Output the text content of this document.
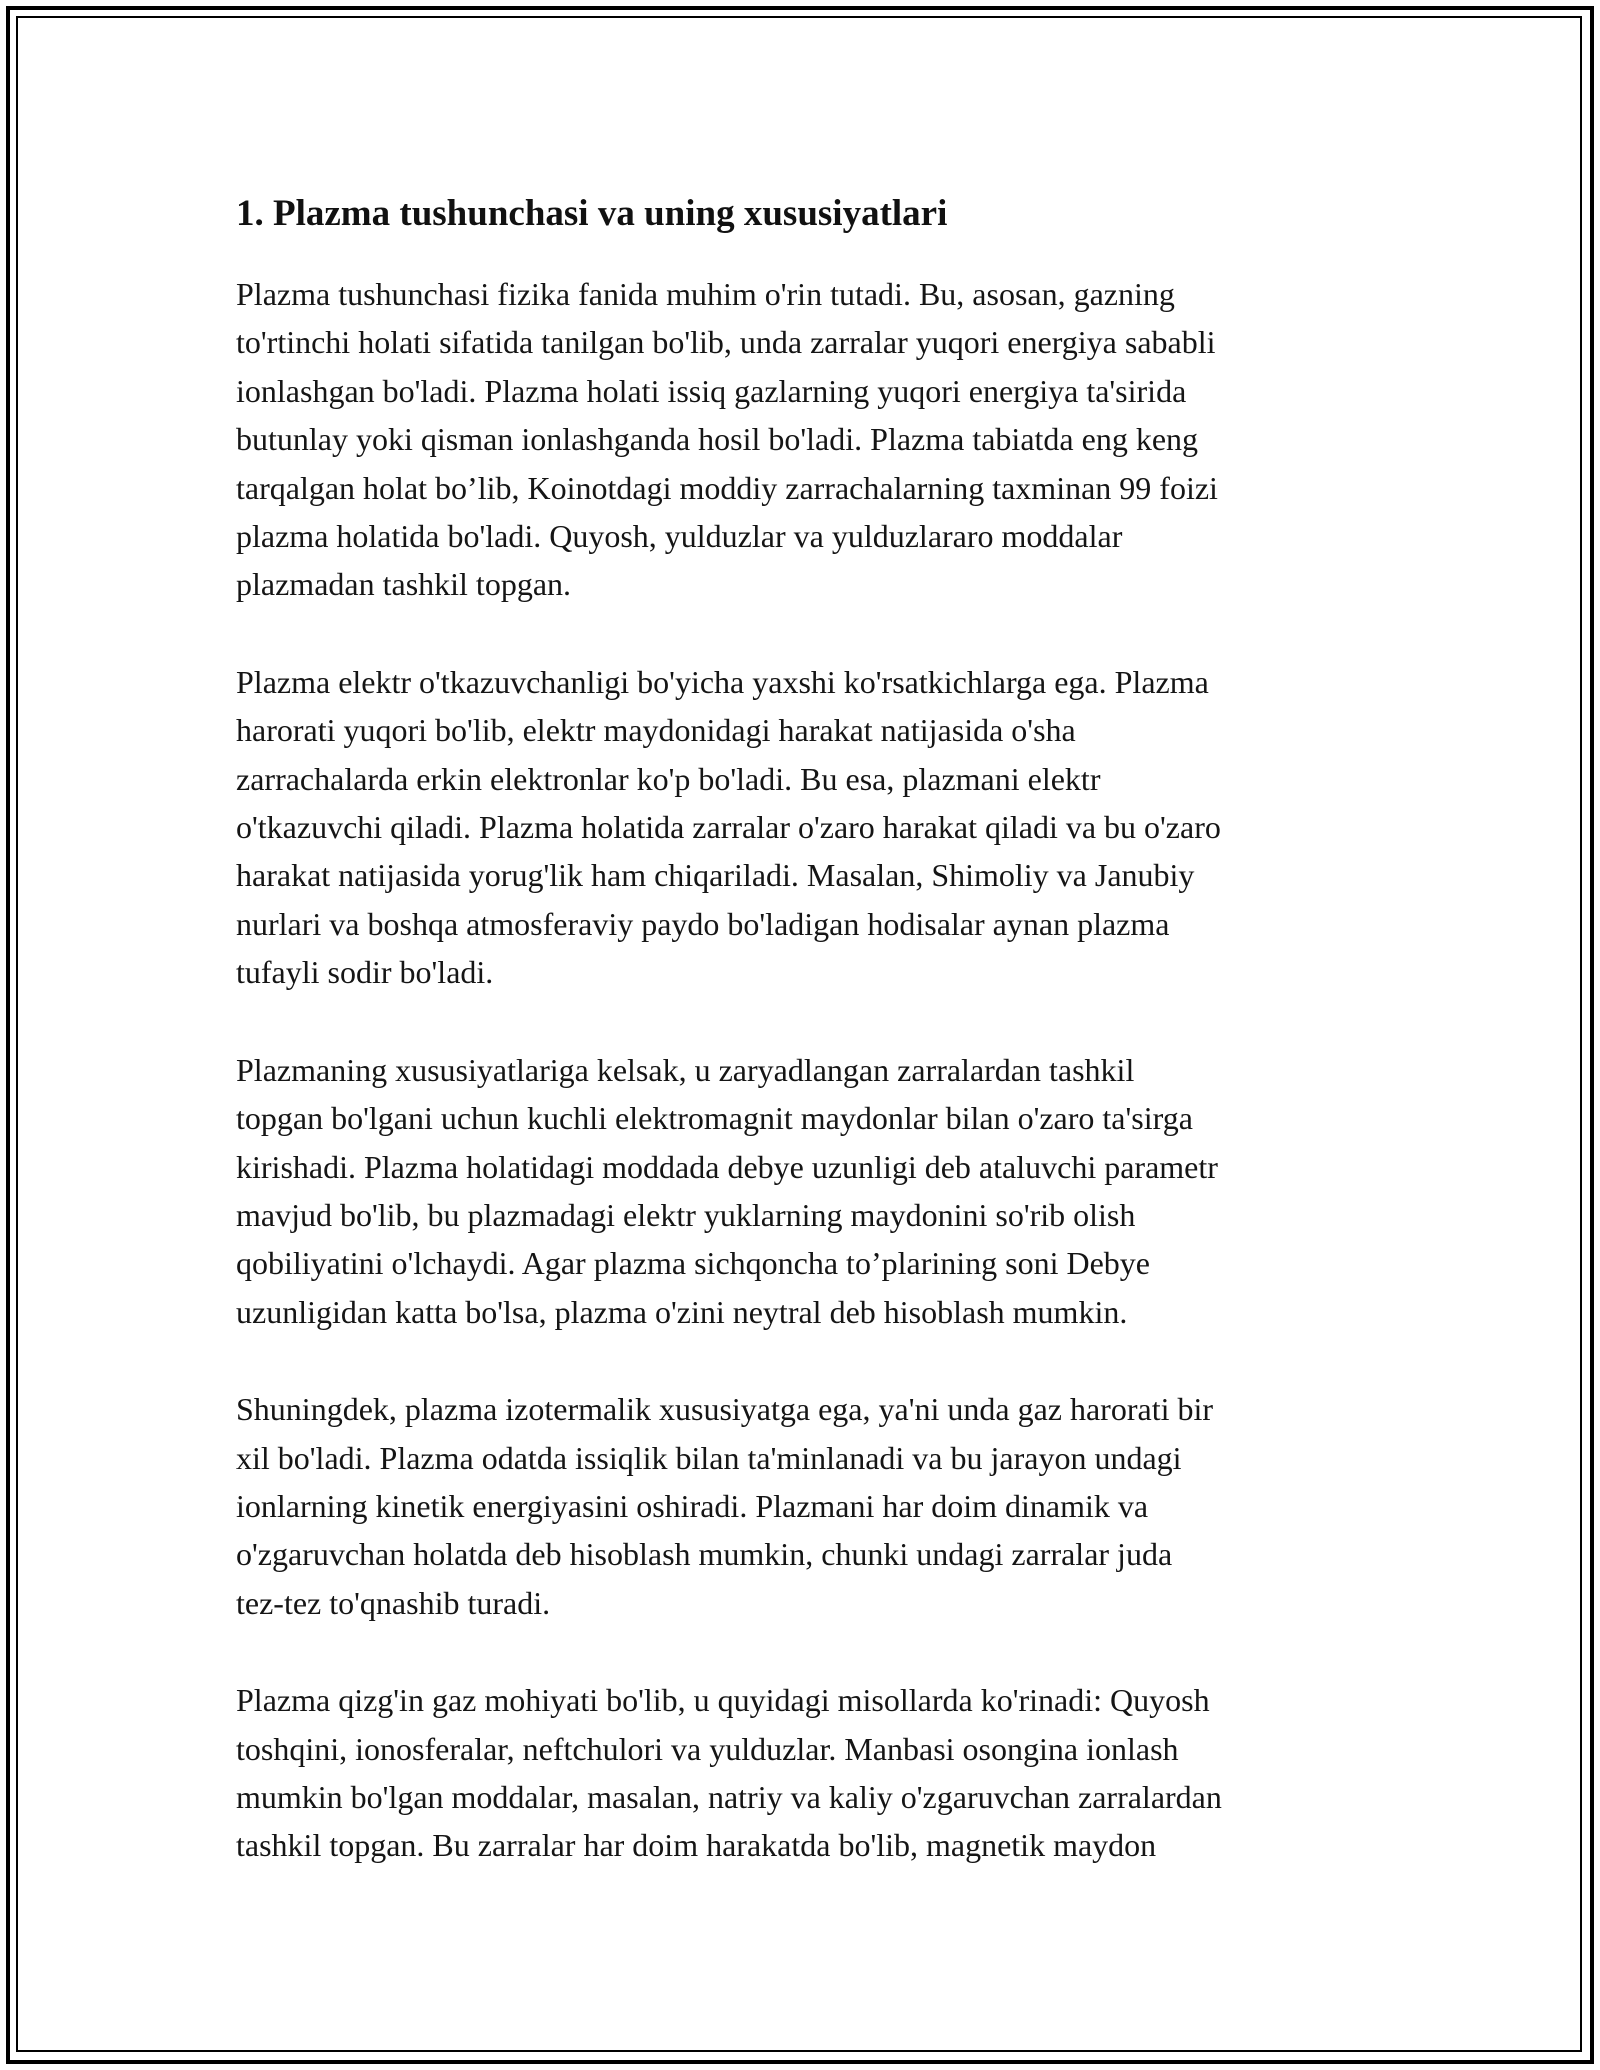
1. Plazma tushunchasi va uning xususiyatlari

Plazma tushunchasi fizika fanida muhim o'rin tutadi. Bu, asosan, gazning
to'rtinchi holati sifatida tanilgan bo'lib, unda zarralar yuqori energiya sababli
ionlashgan bo'ladi. Plazma holati issiq gazlarning yuqori energiya ta'sirida
butunlay yoki qisman ionlashganda hosil bo'ladi. Plazma tabiatda eng keng
tarqalgan holat bo’lib, Koinotdagi moddiy zarrachalarning taxminan 99 foizi
plazma holatida bo'ladi. Quyosh, yulduzlar va yulduzlararo moddalar
plazmadan tashkil topgan.

Plazma elektr o'tkazuvchanligi bo'yicha yaxshi ko'rsatkichlarga ega. Plazma
harorati yuqori bo'lib, elektr maydonidagi harakat natijasida o'sha
zarrachalarda erkin elektronlar ko'p bo'ladi. Bu esa, plazmani elektr
o'tkazuvchi qiladi. Plazma holatida zarralar o'zaro harakat qiladi va bu o'zaro
harakat natijasida yorug'lik ham chiqariladi. Masalan, Shimoliy va Janubiy
nurlari va boshqa atmosferaviy paydo bo'ladigan hodisalar aynan plazma
tufayli sodir bo'ladi.

Plazmaning xususiyatlariga kelsak, u zaryadlangan zarralardan tashkil
topgan bo'lgani uchun kuchli elektromagnit maydonlar bilan o'zaro ta'sirga
kirishadi. Plazma holatidagi moddada debye uzunligi deb ataluvchi parametr
mavjud bo'lib, bu plazmadagi elektr yuklarning maydonini so'rib olish
qobiliyatini o'lchaydi. Agar plazma sichqoncha to’plarining soni Debye
uzunligidan katta bo'lsa, plazma o'zini neytral deb hisoblash mumkin.

Shuningdek, plazma izotermalik xususiyatga ega, ya'ni unda gaz harorati bir
xil bo'ladi. Plazma odatda issiqlik bilan ta'minlanadi va bu jarayon undagi
ionlarning kinetik energiyasini oshiradi. Plazmani har doim dinamik va
o'zgaruvchan holatda deb hisoblash mumkin, chunki undagi zarralar juda
tez-tez to'qnashib turadi.

Plazma qizg'in gaz mohiyati bo'lib, u quyidagi misollarda ko'rinadi: Quyosh
toshqini, ionosferalar, neftchulori va yulduzlar. Manbasi osongina ionlash
mumkin bo'lgan moddalar, masalan, natriy va kaliy o'zgaruvchan zarralardan
tashkil topgan. Bu zarralar har doim harakatda bo'lib, magnetik maydon
